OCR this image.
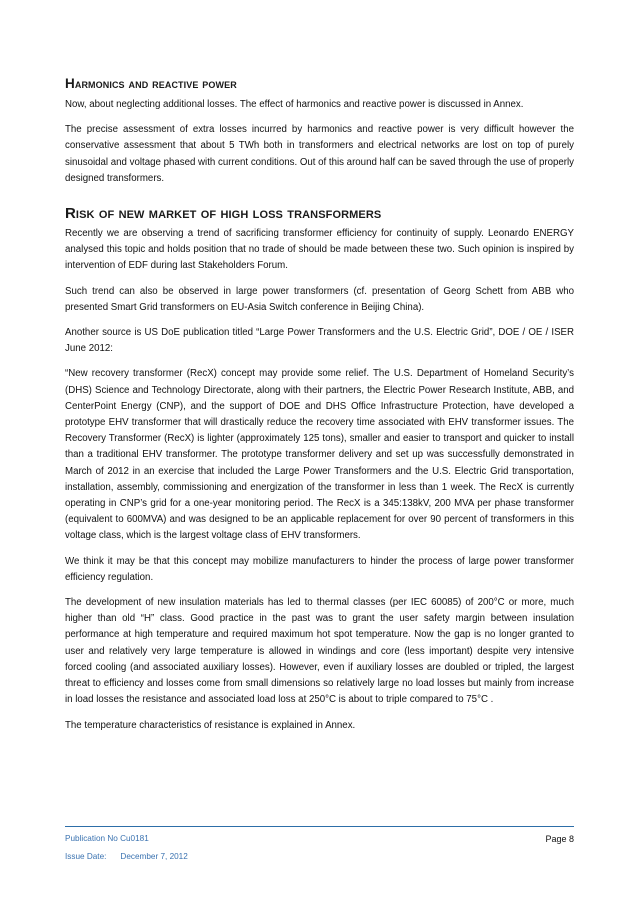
Harmonics and reactive power

Now, about neglecting additional losses. The effect of harmonics and reactive power is discussed in Annex.

The precise assessment of extra losses incurred by harmonics and reactive power is very difficult however the conservative assessment that about 5 TWh both in transformers and electrical networks are lost on top of purely sinusoidal and voltage phased with current conditions. Out of this around half can be saved through the use of properly designed transformers.

Risk of new market of high loss transformers

Recently we are observing a trend of sacrificing transformer efficiency for continuity of supply. Leonardo ENERGY analysed this topic and holds position that no trade of should be made between these two. Such opinion is inspired by intervention of EDF during last Stakeholders Forum.

Such trend can also be observed in large power transformers (cf. presentation of Georg Schett from ABB who presented Smart Grid transformers on EU-Asia Switch conference in Beijing China).

Another source is US DoE publication titled “Large Power Transformers and the U.S. Electric Grid”, DOE / OE / ISER June 2012:

“New recovery transformer (RecX) concept may provide some relief. The U.S. Department of Homeland Security’s (DHS) Science and Technology Directorate, along with their partners, the Electric Power Research Institute, ABB, and CenterPoint Energy (CNP), and the support of DOE and DHS Office Infrastructure Protection, have developed a prototype EHV transformer that will drastically reduce the recovery time associated with EHV transformer issues. The Recovery Transformer (RecX) is lighter (approximately 125 tons), smaller and easier to transport and quicker to install than a traditional EHV transformer. The prototype transformer delivery and set up was successfully demonstrated in March of 2012 in an exercise that included the Large Power Transformers and the U.S. Electric Grid transportation, installation, assembly, commissioning and energization of the transformer in less than 1 week. The RecX is currently operating in CNP’s grid for a one-year monitoring period. The RecX is a 345:138kV, 200 MVA per phase transformer (equivalent to 600MVA) and was designed to be an applicable replacement for over 90 percent of transformers in this voltage class, which is the largest voltage class of EHV transformers.

We think it may be that this concept may mobilize manufacturers to hinder the process of large power transformer efficiency regulation.

The development of new insulation materials has led to thermal classes (per IEC 60085) of 200°C or more, much higher than old “H” class. Good practice in the past was to grant the user safety margin between insulation performance at high temperature and required maximum hot spot temperature. Now the gap is no longer granted to user and relatively very large temperature is allowed in windings and core (less important) despite very intensive forced cooling (and associated auxiliary losses). However, even if auxiliary losses are doubled or tripled, the largest threat to efficiency and losses come from small dimensions so relatively large no load losses but mainly from increase in load losses the resistance and associated load loss at 250°C is about to triple compared to 75°C .

The temperature characteristics of resistance is explained in Annex.

Publication No Cu0181	Page 8
Issue Date: December 7, 2012
